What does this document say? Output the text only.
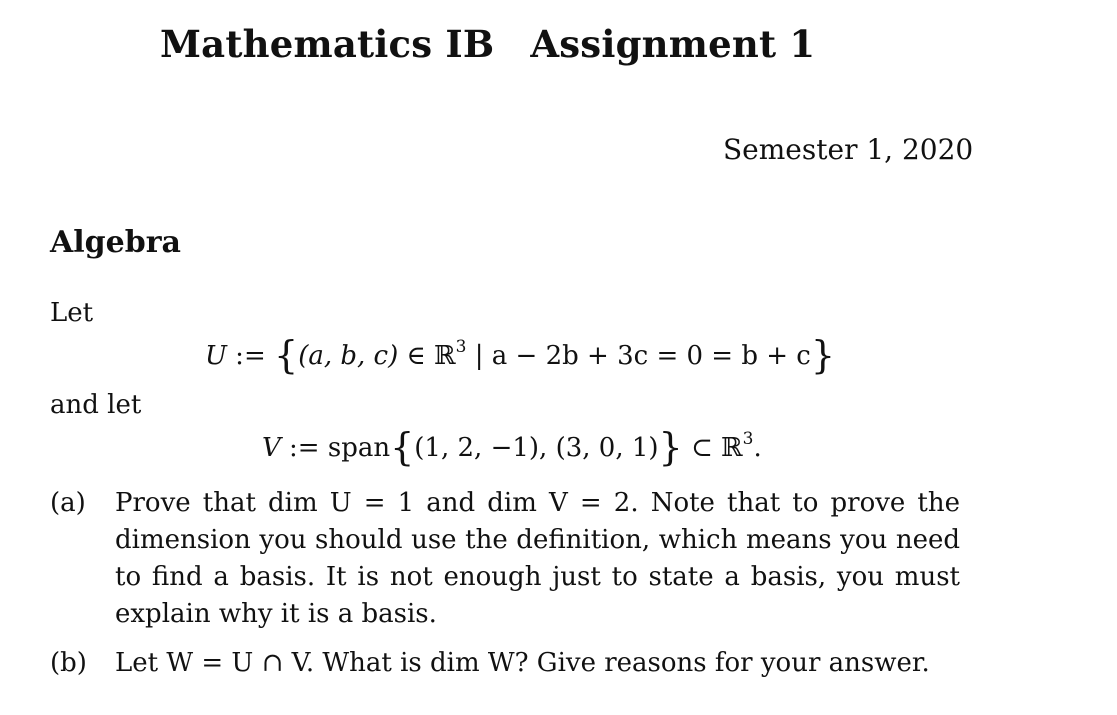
Mathematics IB Assignment 1
Semester 1, 2020
Algebra
Let
U := {(a, b, c) ∈ ℝ$^3$ | a − 2b + 3c = 0 = b + c}
and let
V := span{(1, 2, −1), (3, 0, 1)} ⊂ ℝ$^3$.
(a) Prove that dim U = 1 and dim V = 2. Note that to prove the dimension you should use the definition, which means you need to find a basis. It is not enough just to state a basis, you must explain why it is a basis.
(b) Let W = U ∩ V. What is dim W? Give reasons for your answer.
